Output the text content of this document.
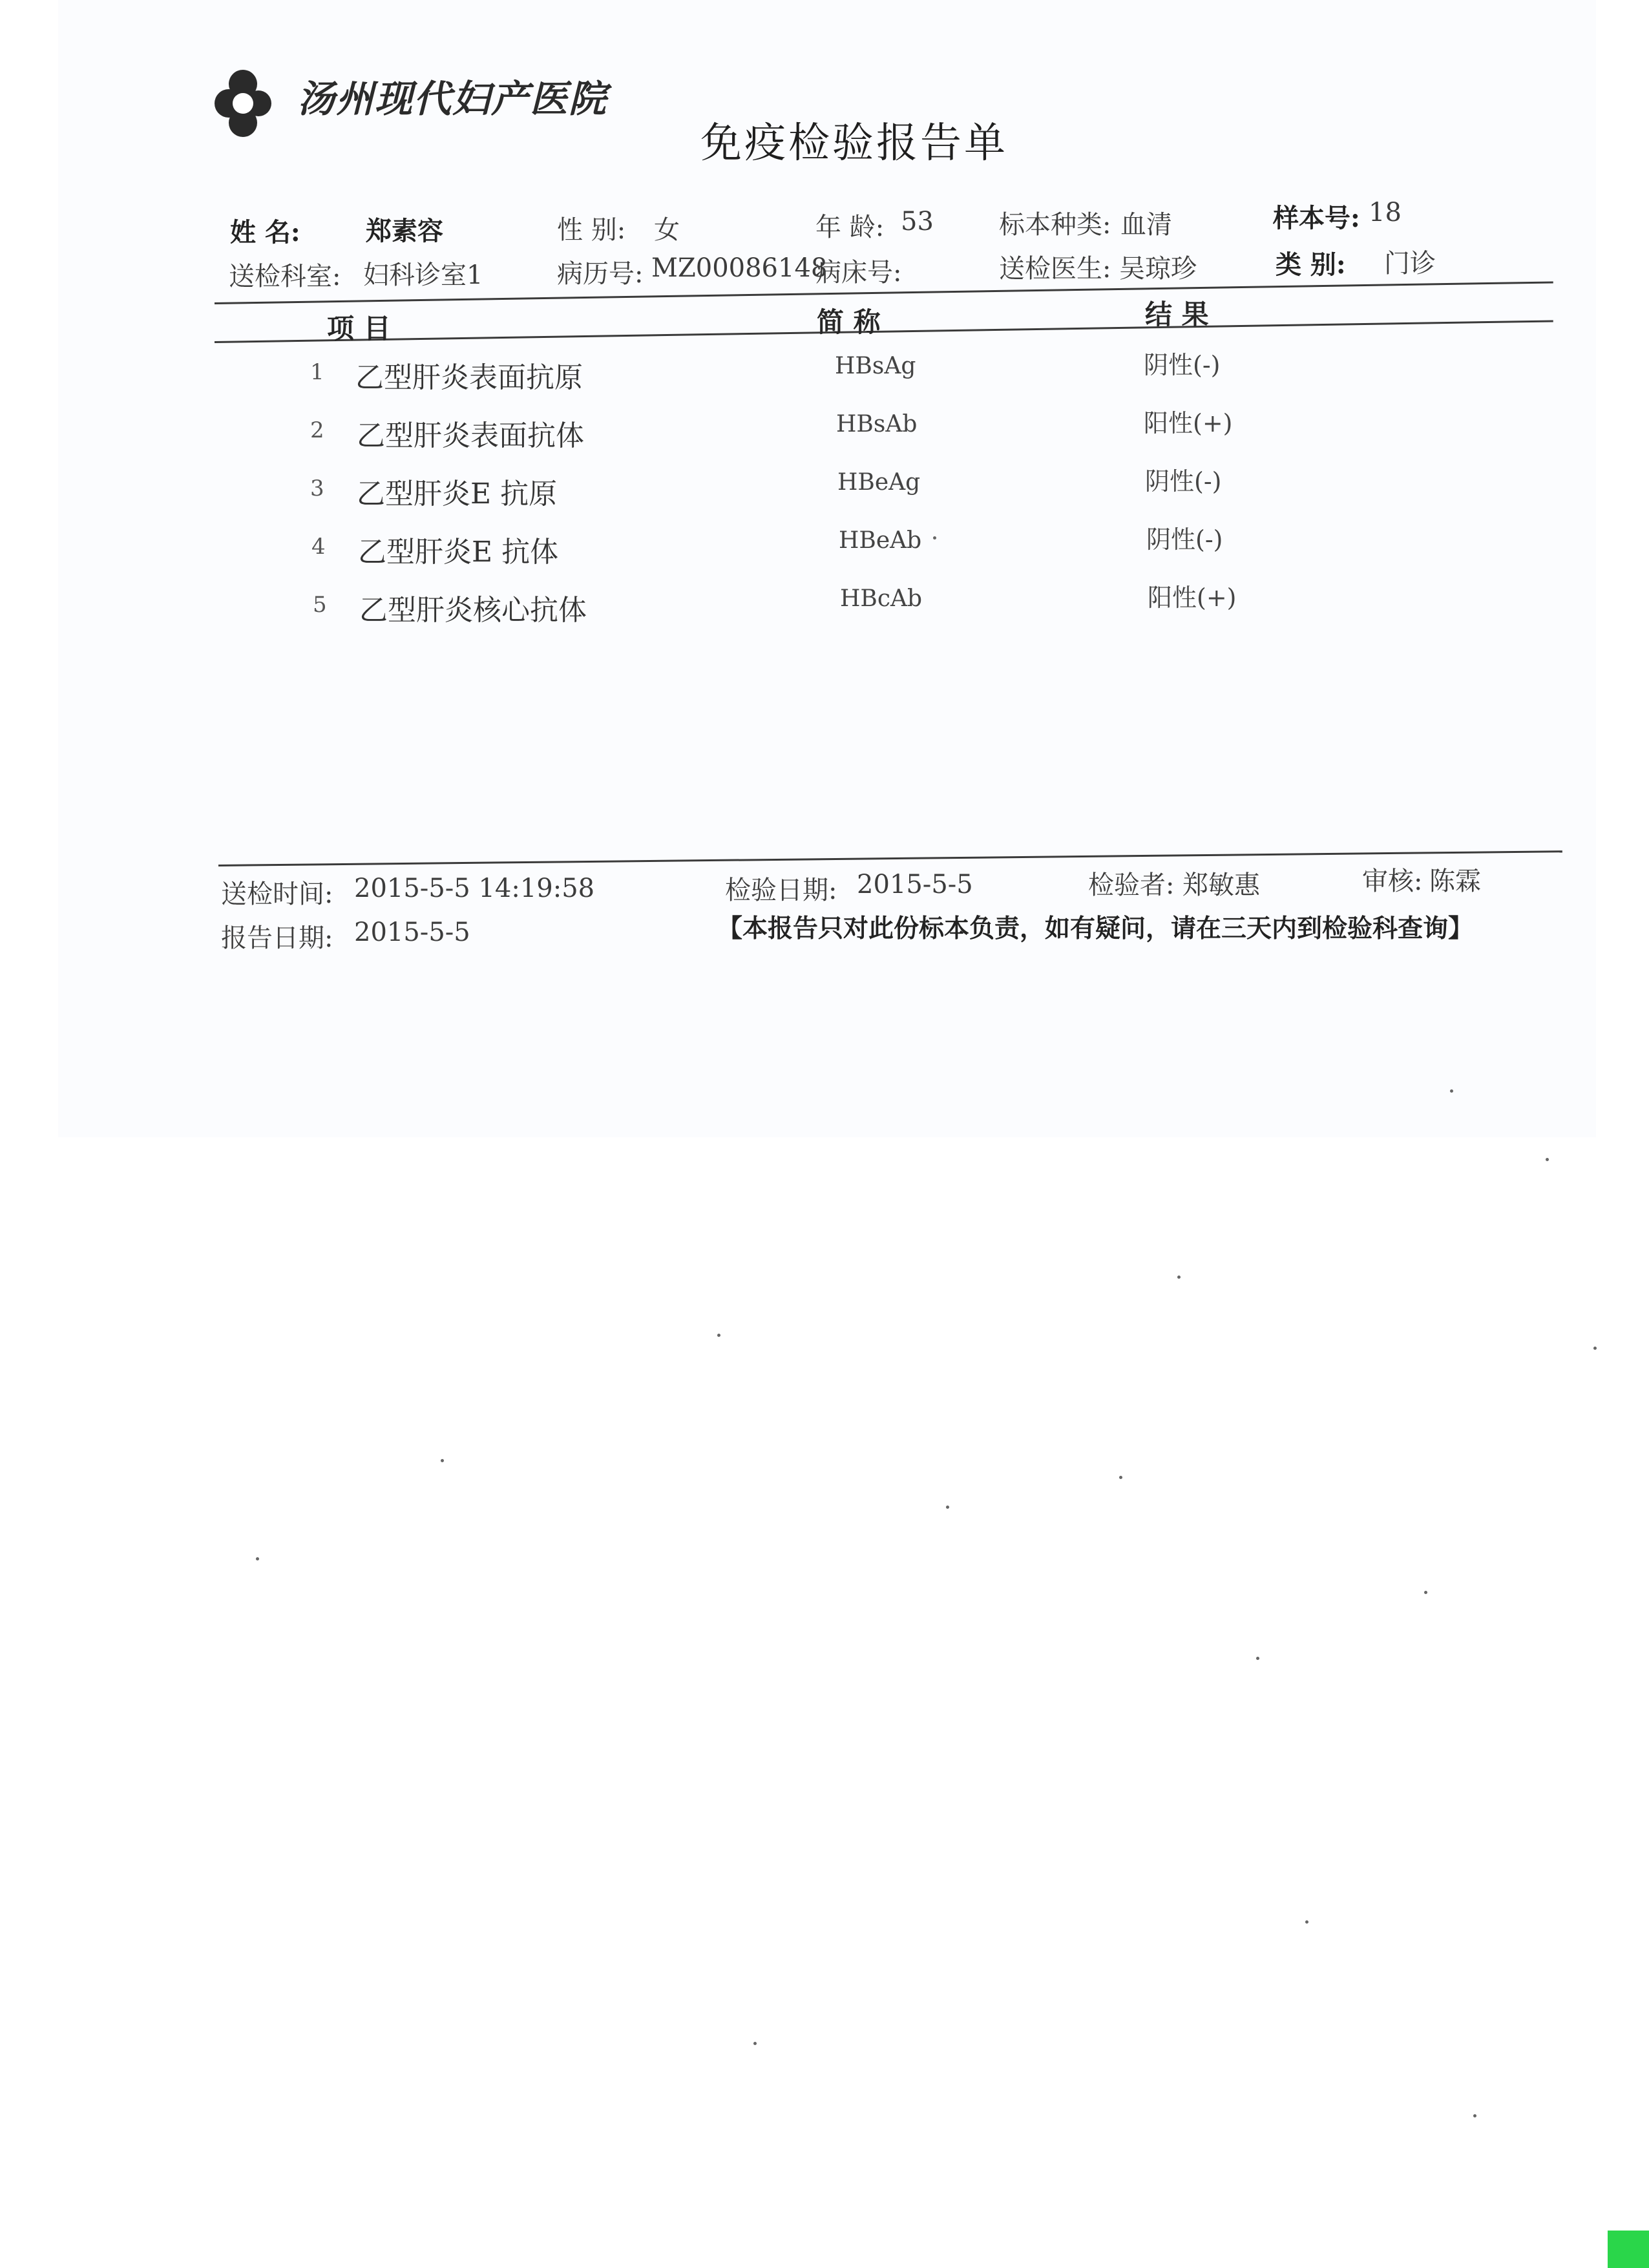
汤州现代妇产医院
免疫检验报告单
姓 名:	郑素容	性 别: 女	年 龄: 53	标本种类: 血清	样本号: 18
送检科室: 妇科诊室1	病历号: MZ00086148
病床号:	送检医生: 吴琼珍	类 别: 门诊
项 目	简 称	结 果
1 乙型肝炎表面抗原	HBsAg	阴性(-)
2 乙型肝炎表面抗体	HBsAb	阳性(+)
3 乙型肝炎E 抗原	HBeAg	阴性(-)
4 乙型肝炎E 抗体	HBeAb	阴性(-)
5 乙型肝炎核心抗体	HBcAb	阳性(+)
送检时间: 2015-5-5 14:19:58	检验日期: 2015-5-5	检验者: 郑敏惠	审核: 陈霖
报告日期: 2015-5-5	【本报告只对此份标本负责，如有疑问，请在三天内到检验科查询】
